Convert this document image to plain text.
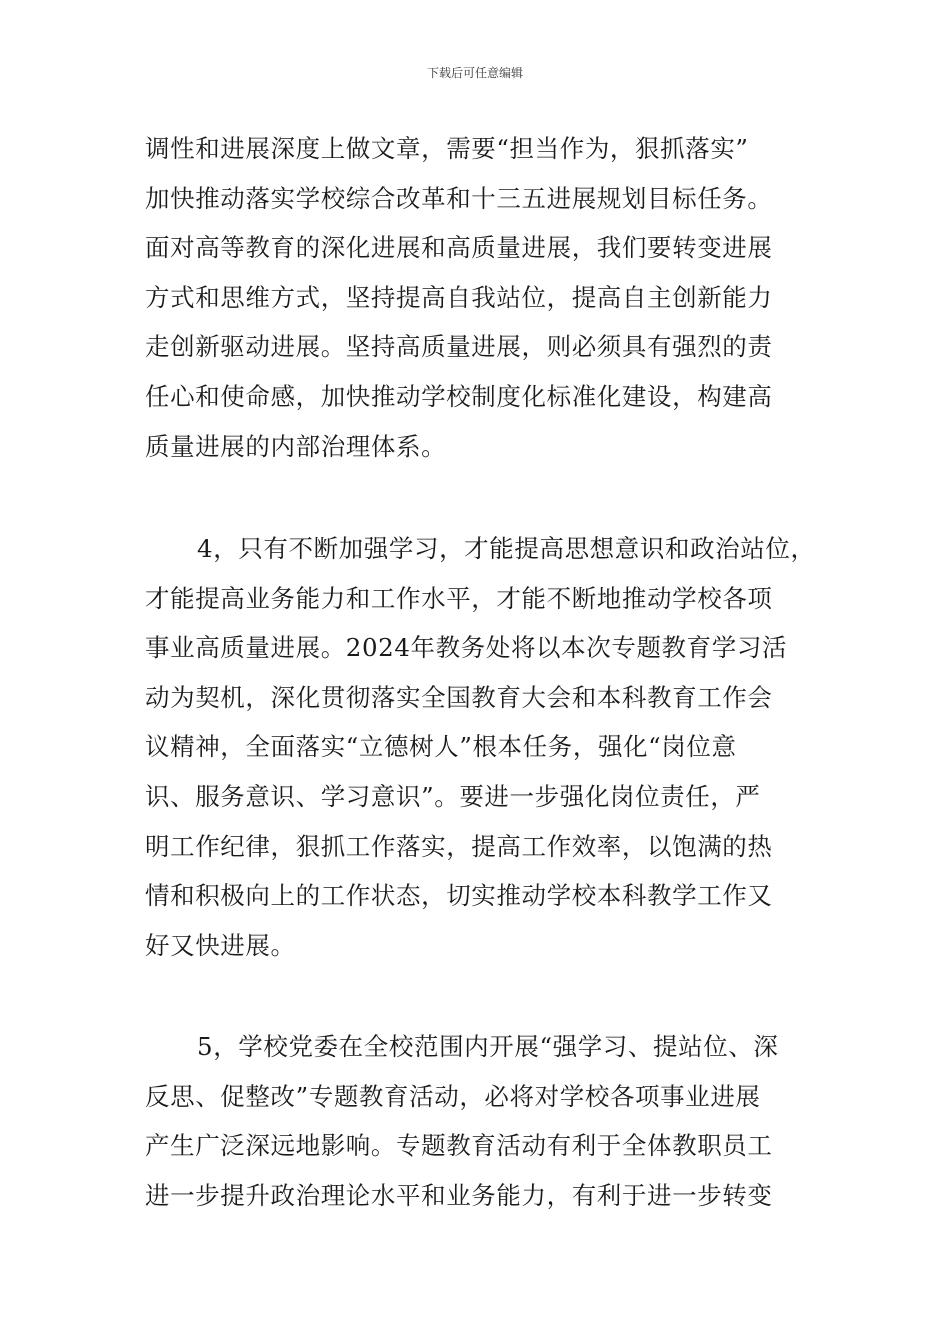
下载后可任意编辑
调性和进展深度上做文章，需要“担当作为，狠抓落实”
加快推动落实学校综合改革和十三五进展规划目标任务。
面对高等教育的深化进展和高质量进展，我们要转变进展
方式和思维方式，坚持提高自我站位，提高自主创新能力
走创新驱动进展。坚持高质量进展，则必须具有强烈的责
任心和使命感，加快推动学校制度化标准化建设，构建高
质量进展的内部治理体系。
4，只有不断加强学习，才能提高思想意识和政治站位，
才能提高业务能力和工作水平，才能不断地推动学校各项
事业高质量进展。2024年教务处将以本次专题教育学习活
动为契机，深化贯彻落实全国教育大会和本科教育工作会
议精神，全面落实“立德树人”根本任务，强化“岗位意
识、服务意识、学习意识”。要进一步强化岗位责任，严
明工作纪律，狠抓工作落实，提高工作效率，以饱满的热
情和积极向上的工作状态，切实推动学校本科教学工作又
好又快进展。
5，学校党委在全校范围内开展“强学习、提站位、深
反思、促整改”专题教育活动，必将对学校各项事业进展
产生广泛深远地影响。专题教育活动有利于全体教职员工
进一步提升政治理论水平和业务能力，有利于进一步转变
